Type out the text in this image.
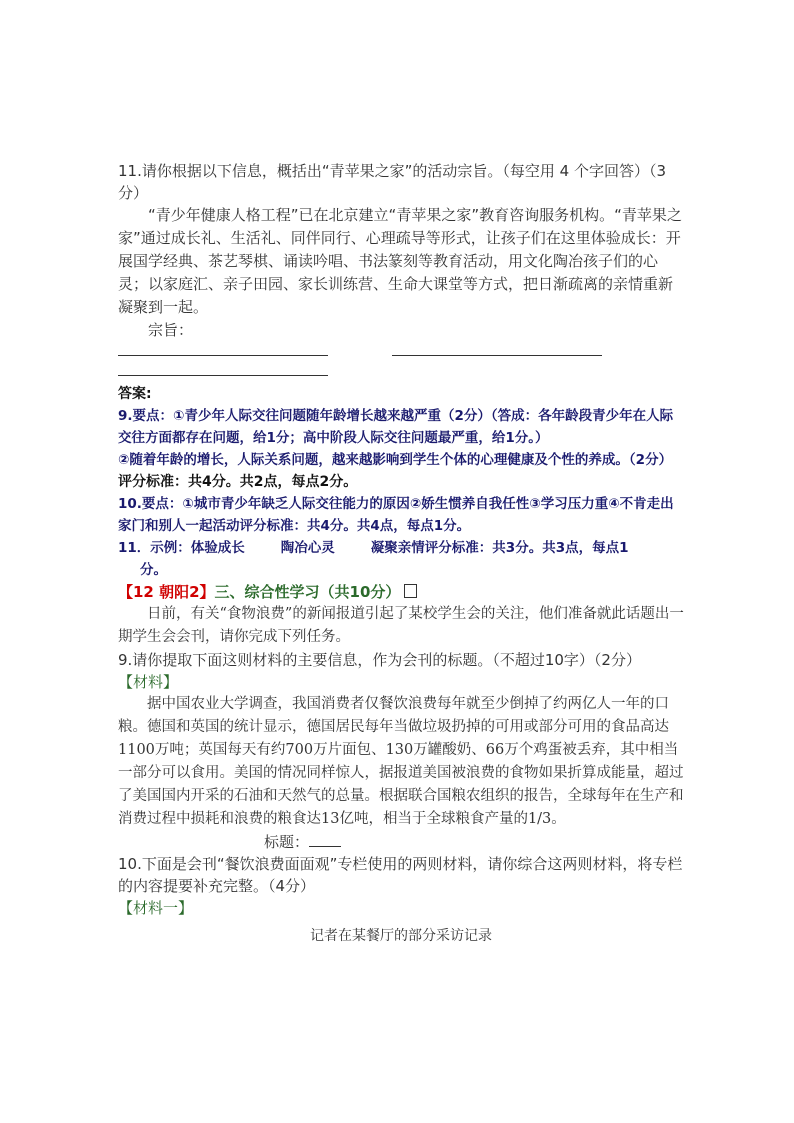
11.请你根据以下信息，概括出“青苹果之家”的活动宗旨。（每空用 4 个字回答）（3分）

“青少年健康人格工程”已在北京建立“青苹果之家”教育咨询服务机构。“青苹果之家”通过成长礼、生活礼、同伴同行、心理疏导等形式，让孩子们在这里体验成长：开展国学经典、茶艺琴棋、诵读吟唱、书法篆刻等教育活动，用文化陶冶孩子们的心灵；以家庭汇、亲子田园、家长训练营、生命大课堂等方式，把日渐疏离的亲情重新凝聚到一起。

宗旨：

答案:

9.要点：①青少年人际交往问题随年龄增长越来越严重（2分）（答成：各年龄段青少年在人际交往方面都存在问题，给1分；高中阶段人际交往问题最严重，给1分。）

②随着年龄的增长，人际关系问题，越来越影响到学生个体的心理健康及个性的养成。（2分）

评分标准：共4分。共2点，每点2分。

10.要点：①城市青少年缺乏人际交往能力的原因②娇生惯养自我任性③学习压力重④不肯走出家门和别人一起活动评分标准：共4分。共4点，每点1分。

11．示例：体验成长	陶冶心灵	凝聚亲情评分标准：共3分。共3点，每点1

分。

【12 朝阳2】三、综合性学习（共10分）

日前，有关“食物浪费”的新闻报道引起了某校学生会的关注，他们准备就此话题出一期学生会会刊，请你完成下列任务。

9.请你提取下面这则材料的主要信息，作为会刊的标题。（不超过10字）（2分）

【材料】

据中国农业大学调查，我国消费者仅餐饮浪费每年就至少倒掉了约两亿人一年的口粮。德国和英国的统计显示，德国居民每年当做垃圾扔掉的可用或部分可用的食品高达1100万吨；英国每天有约700万片面包、130万罐酸奶、66万个鸡蛋被丢弃，其中相当一部分可以食用。美国的情况同样惊人，据报道美国被浪费的食物如果折算成能量，超过了美国国内开采的石油和天然气的总量。根据联合国粮农组织的报告，全球每年在生产和消费过程中损耗和浪费的粮食达13亿吨，相当于全球粮食产量的1/3。

标题：

10.下面是会刊“餐饮浪费面面观”专栏使用的两则材料，请你综合这两则材料，将专栏的内容提要补充完整。（4分）

【材料一】

记者在某餐厅的部分采访记录
